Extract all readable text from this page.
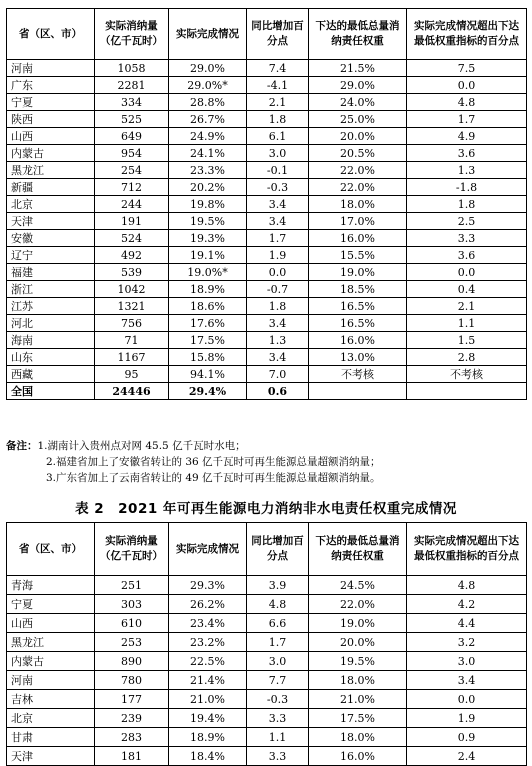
省（区、市）	实际消纳量（亿千瓦时）	实际完成情况	同比增加百分点	下达的最低总量消纳责任权重	实际完成情况超出下达最低权重指标的百分点
河南	1058	29.0%	7.4	21.5%	7.5
广东	2281	29.0%*	-4.1	29.0%	0.0
宁夏	334	28.8%	2.1	24.0%	4.8
陕西	525	26.7%	1.8	25.0%	1.7
山西	649	24.9%	6.1	20.0%	4.9
内蒙古	954	24.1%	3.0	20.5%	3.6
黑龙江	254	23.3%	-0.1	22.0%	1.3
新疆	712	20.2%	-0.3	22.0%	-1.8
北京	244	19.8%	3.4	18.0%	1.8
天津	191	19.5%	3.4	17.0%	2.5
安徽	524	19.3%	1.7	16.0%	3.3
辽宁	492	19.1%	1.9	15.5%	3.6
福建	539	19.0%*	0.0	19.0%	0.0
浙江	1042	18.9%	-0.7	18.5%	0.4
江苏	1321	18.6%	1.8	16.5%	2.1
河北	756	17.6%	3.4	16.5%	1.1
海南	71	17.5%	1.3	16.0%	1.5
山东	1167	15.8%	3.4	13.0%	2.8
西藏	95	94.1%	7.0	不考核	不考核
全国	24446	29.4%	0.6		
备注：1.湖南计入贵州点对网 45.5 亿千瓦时水电；
2.福建省加上了安徽省转让的 36 亿千瓦时可再生能源总量超额消纳量；
3.广东省加上了云南省转让的 49 亿千瓦时可再生能源总量超额消纳量。
表 2　2021 年可再生能源电力消纳非水电责任权重完成情况
省（区、市）	实际消纳量（亿千瓦时）	实际完成情况	同比增加百分点	下达的最低总量消纳责任权重	实际完成情况超出下达最低权重指标的百分点
青海	251	29.3%	3.9	24.5%	4.8
宁夏	303	26.2%	4.8	22.0%	4.2
山西	610	23.4%	6.6	19.0%	4.4
黑龙江	253	23.2%	1.7	20.0%	3.2
内蒙古	890	22.5%	3.0	19.5%	3.0
河南	780	21.4%	7.7	18.0%	3.4
吉林	177	21.0%	-0.3	21.0%	0.0
北京	239	19.4%	3.3	17.5%	1.9
甘肃	283	18.9%	1.1	18.0%	0.9
天津	181	18.4%	3.3	16.0%	2.4
